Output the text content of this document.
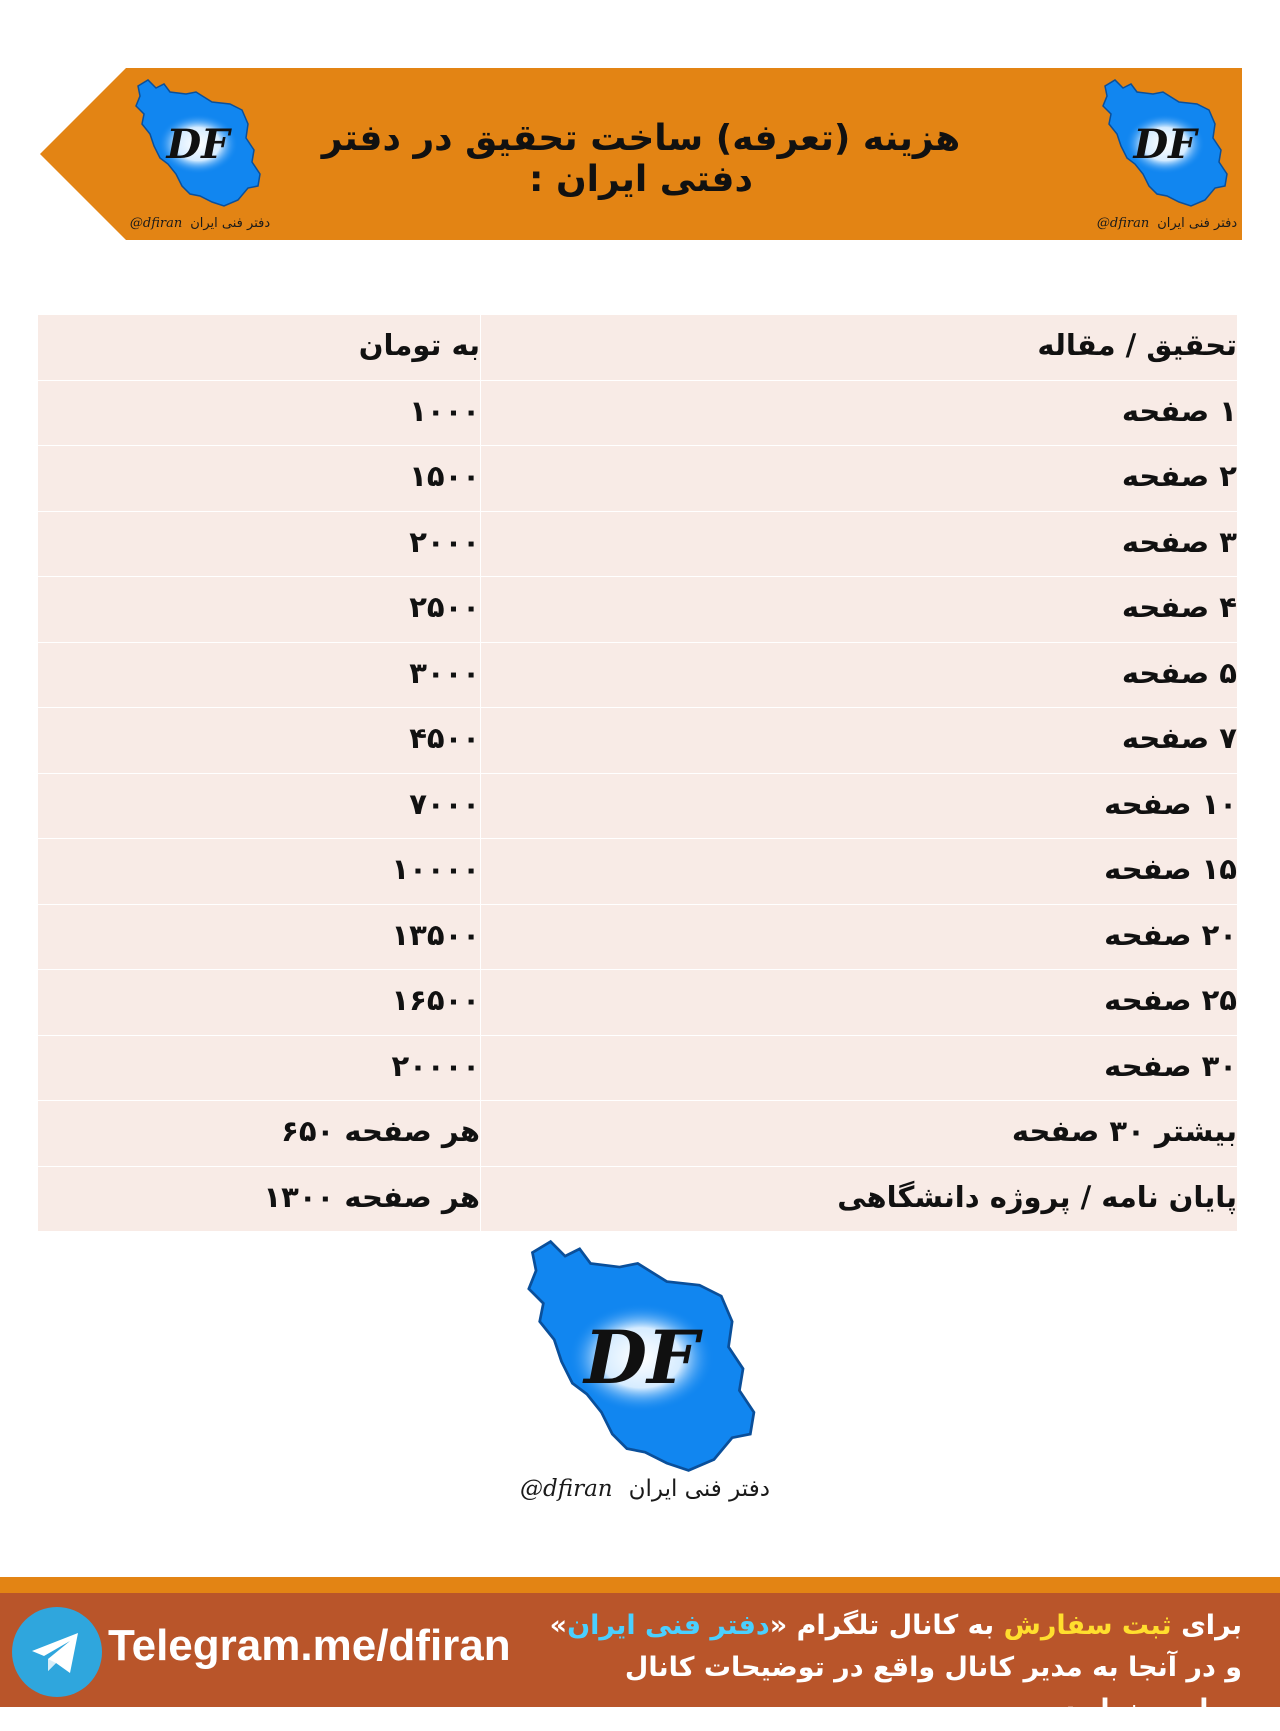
@dfiran دفتر فنی ایران
هزینه (تعرفه) ساخت تحقیق در دفتر دفتی ایران :
@dfiran دفتر فنی ایران
تحقیق / مقاله	به تومان
۱ صفحه	۱۰۰۰
۲ صفحه	۱۵۰۰
۳ صفحه	۲۰۰۰
۴ صفحه	۲۵۰۰
۵ صفحه	۳۰۰۰
۷ صفحه	۴۵۰۰
۱۰ صفحه	۷۰۰۰
۱۵ صفحه	۱۰۰۰۰
۲۰ صفحه	۱۳۵۰۰
۲۵ صفحه	۱۶۵۰۰
۳۰ صفحه	۲۰۰۰۰
بیشتر ۳۰ صفحه	هر صفحه ۶۵۰
پایان نامه / پروژه دانشگاهی	هر صفحه ۱۳۰۰
@dfiran دفتر فنی ایران
Telegram.me/dfiran	برای ثبت سفارش به کانال تلگرام «دفتر فنی ایران»
و در آنجا به مدیر کانال واقع در توضیحات کانال مراجعه نمایید .
